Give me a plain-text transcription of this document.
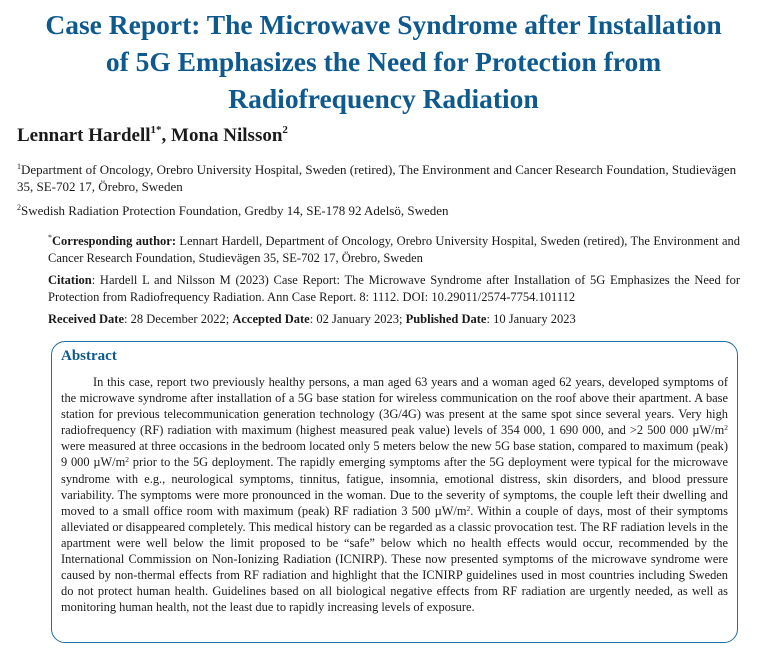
Case Report: The Microwave Syndrome after Installation of 5G Emphasizes the Need for Protection from Radiofrequency Radiation

Lennart Hardell$^{1*}$, Mona Nilsson$^2$

$^1$Department of Oncology, Orebro University Hospital, Sweden (retired), The Environment and Cancer Research Foundation, Studievägen 35, SE-702 17, Örebro, Sweden

$^2$Swedish Radiation Protection Foundation, Gredby 14, SE-178 92 Adelsö, Sweden

*Corresponding author: Lennart Hardell, Department of Oncology, Orebro University Hospital, Sweden (retired), The Environment and Cancer Research Foundation, Studievägen 35, SE-702 17, Örebro, Sweden

Citation: Hardell L and Nilsson M (2023) Case Report: The Microwave Syndrome after Installation of 5G Emphasizes the Need for Protection from Radiofrequency Radiation. Ann Case Report. 8: 1112. DOI: 10.29011/2574-7754.101112

Received Date: 28 December 2022; Accepted Date: 02 January 2023; Published Date: 10 January 2023

Abstract

In this case, report two previously healthy persons, a man aged 63 years and a woman aged 62 years, developed symptoms of the microwave syndrome after installation of a 5G base station for wireless communication on the roof above their apartment. A base station for previous telecommunication generation technology (3G/4G) was present at the same spot since several years. Very high radiofrequency (RF) radiation with maximum (highest measured peak value) levels of 354 000, 1 690 000, and >2 500 000 $\mu W/m^2$ were measured at three occasions in the bedroom located only 5 meters below the new 5G base station, compared to maximum (peak) 9 000 $\mu W/m^2$ prior to the 5G deployment. The rapidly emerging symptoms after the 5G deployment were typical for the microwave syndrome with e.g., neurological symptoms, tinnitus, fatigue, insomnia, emotional distress, skin disorders, and blood pressure variability. The symptoms were more pronounced in the woman. Due to the severity of symptoms, the couple left their dwelling and moved to a small office room with maximum (peak) RF radiation 3 500 $\mu W/m^2$. Within a couple of days, most of their symptoms alleviated or disappeared completely. This medical history can be regarded as a classic provocation test. The RF radiation levels in the apartment were well below the limit proposed to be “safe” below which no health effects would occur, recommended by the International Commission on Non-Ionizing Radiation (ICNIRP). These now presented symptoms of the microwave syndrome were caused by non-thermal effects from RF radiation and highlight that the ICNIRP guidelines used in most countries including Sweden do not protect human health. Guidelines based on all biological negative effects from RF radiation are urgently needed, as well as monitoring human health, not the least due to rapidly increasing levels of exposure.
